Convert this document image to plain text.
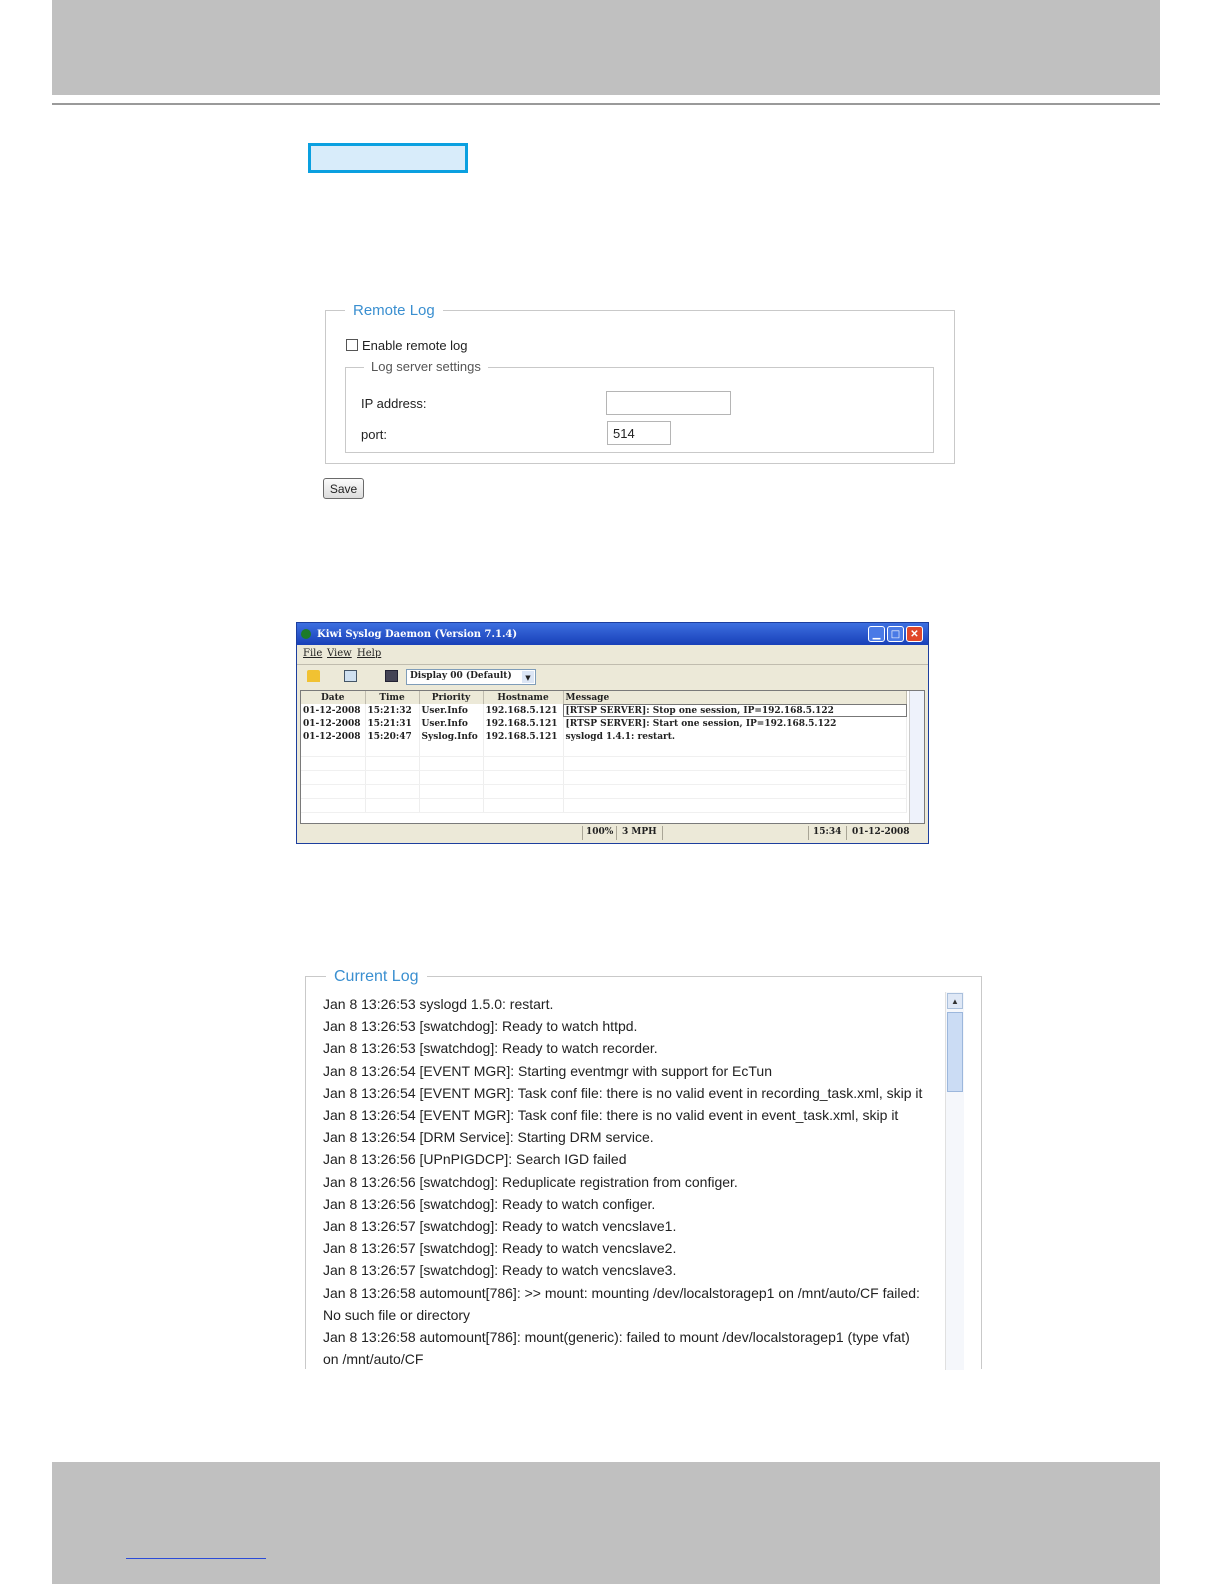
Remote Log
Enable remote log
Log server settings
IP address:
port:	514
Save
Kiwi Syslog Daemon (Version 7.1.4)	▁	□	✕
File View Help
Display 00 (Default)	▼
Date	Time	Priority	Hostname	Message
01-12-2008	15:21:32	User.Info	192.168.5.121	[RTSP SERVER]: Stop one session, IP=192.168.5.122
01-12-2008	15:21:31	User.Info	192.168.5.121	[RTSP SERVER]: Start one session, IP=192.168.5.122
01-12-2008	15:20:47	Syslog.Info	192.168.5.121	syslogd 1.4.1: restart.

100% 3 MPH	15:34 01-12-2008
Current Log
Jan 8 13:26:53 syslogd 1.5.0: restart.
Jan 8 13:26:53 [swatchdog]: Ready to watch httpd.
Jan 8 13:26:53 [swatchdog]: Ready to watch recorder.
Jan 8 13:26:54 [EVENT MGR]: Starting eventmgr with support for EcTun
Jan 8 13:26:54 [EVENT MGR]: Task conf file: there is no valid event in recording_task.xml, skip it
Jan 8 13:26:54 [EVENT MGR]: Task conf file: there is no valid event in event_task.xml, skip it
Jan 8 13:26:54 [DRM Service]: Starting DRM service.
Jan 8 13:26:56 [UPnPIGDCP]: Search IGD failed
Jan 8 13:26:56 [swatchdog]: Reduplicate registration from configer.
Jan 8 13:26:56 [swatchdog]: Ready to watch configer.
Jan 8 13:26:57 [swatchdog]: Ready to watch vencslave1.
Jan 8 13:26:57 [swatchdog]: Ready to watch vencslave2.
Jan 8 13:26:57 [swatchdog]: Ready to watch vencslave3.
Jan 8 13:26:58 automount[786]: >> mount: mounting /dev/localstoragep1 on /mnt/auto/CF failed:
No such file or directory
Jan 8 13:26:58 automount[786]: mount(generic): failed to mount /dev/localstoragep1 (type vfat)
on /mnt/auto/CF
▲
